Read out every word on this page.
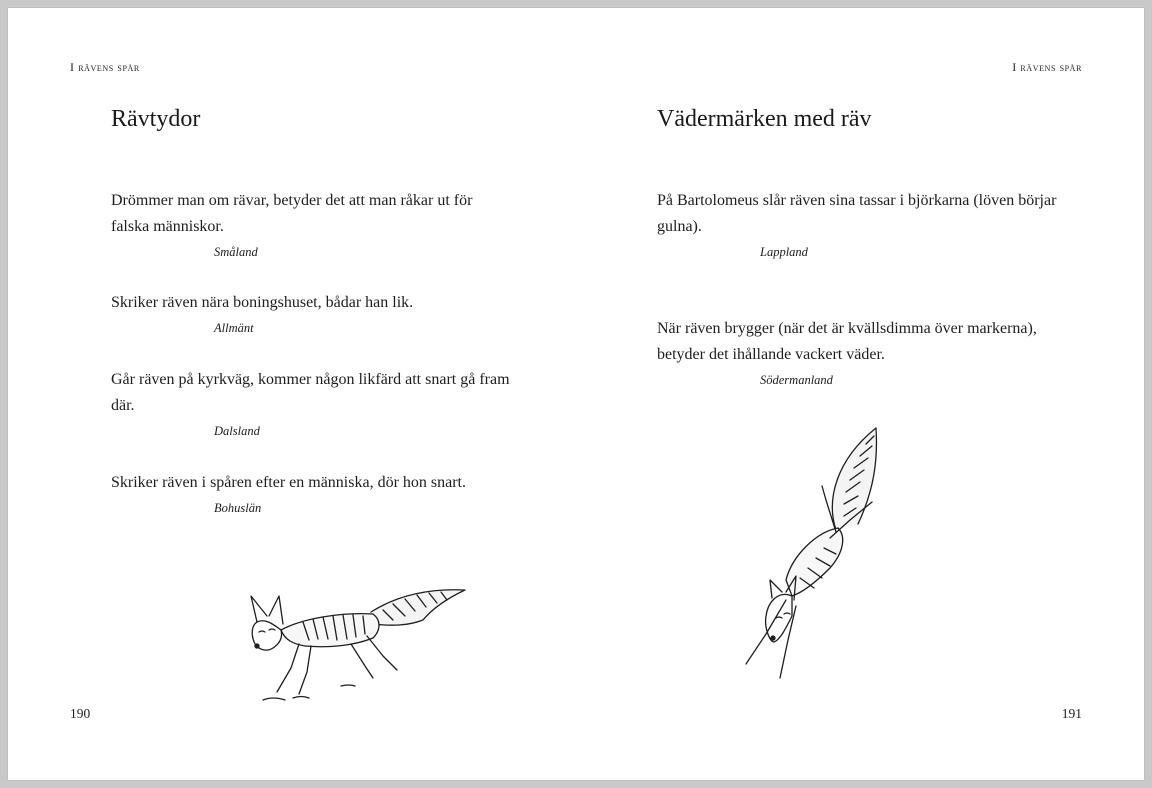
I rävens spår
Rävtydor

Drömmer man om rävar, betyder det att man råkar ut för falska människor.

Småland

Skriker räven nära boningshuset, bådar han lik.

Allmänt

Går räven på kyrkväg, kommer någon likfärd att snart gå fram där.

Dalsland

Skriker räven i spåren efter en människa, dör hon snart.

Bohuslän
190
I rävens spår
Vädermärken med räv

På Bartolomeus slår räven sina tassar i björkarna (löven börjar gulna).

Lappland

När räven brygger (när det är kvällsdimma över markerna), betyder det ihållande vackert väder.

Södermanland
191
